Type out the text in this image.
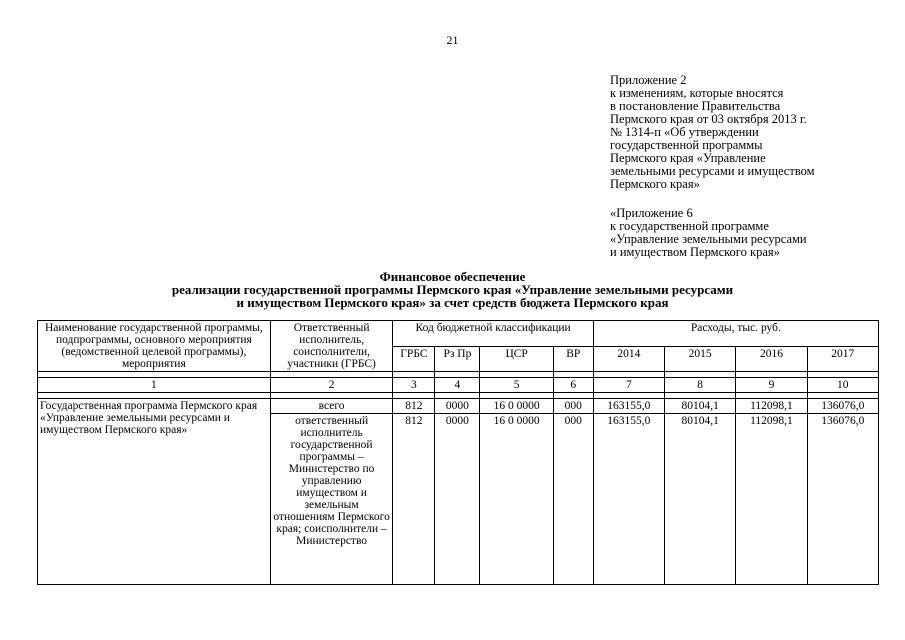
21
Приложение 2
к изменениям, которые вносятся
в постановление Правительства
Пермского края от 03 октября 2013 г.
№ 1314-п «Об утверждении
государственной программы
Пермского края «Управление
земельными ресурсами и имуществом
Пермского края»
«Приложение 6
к государственной программе
«Управление земельными ресурсами
и имуществом Пермского края»
Финансовое обеспечение
реализации государственной программы Пермского края «Управление земельными ресурсами
и имуществом Пермского края» за счет средств бюджета Пермского края
Наименование государственной программы, подпрограммы, основного мероприятия (ведомственной целевой программы), мероприятия	Ответственный исполнитель, соисполнители, участники (ГРБС)	Код бюджетной классификации				Расходы, тыс. руб.			
		ГРБС	Рз Пр	ЦСР	ВР	2014	2015	2016	2017

1	2	3	4	5	6	7	8	9	10

Государственная программа Пермского края «Управление земельными ресурсами и имуществом Пермского края»	всего	812	0000	16 0 0000	000	163155,0	80104,1	112098,1	136076,0
	ответственный исполнитель государственной программы – Министерство по управлению имуществом и земельным отношениям Пермского края; соисполнители – Министерство	812	0000	16 0 0000	000	163155,0	80104,1	112098,1	136076,0
